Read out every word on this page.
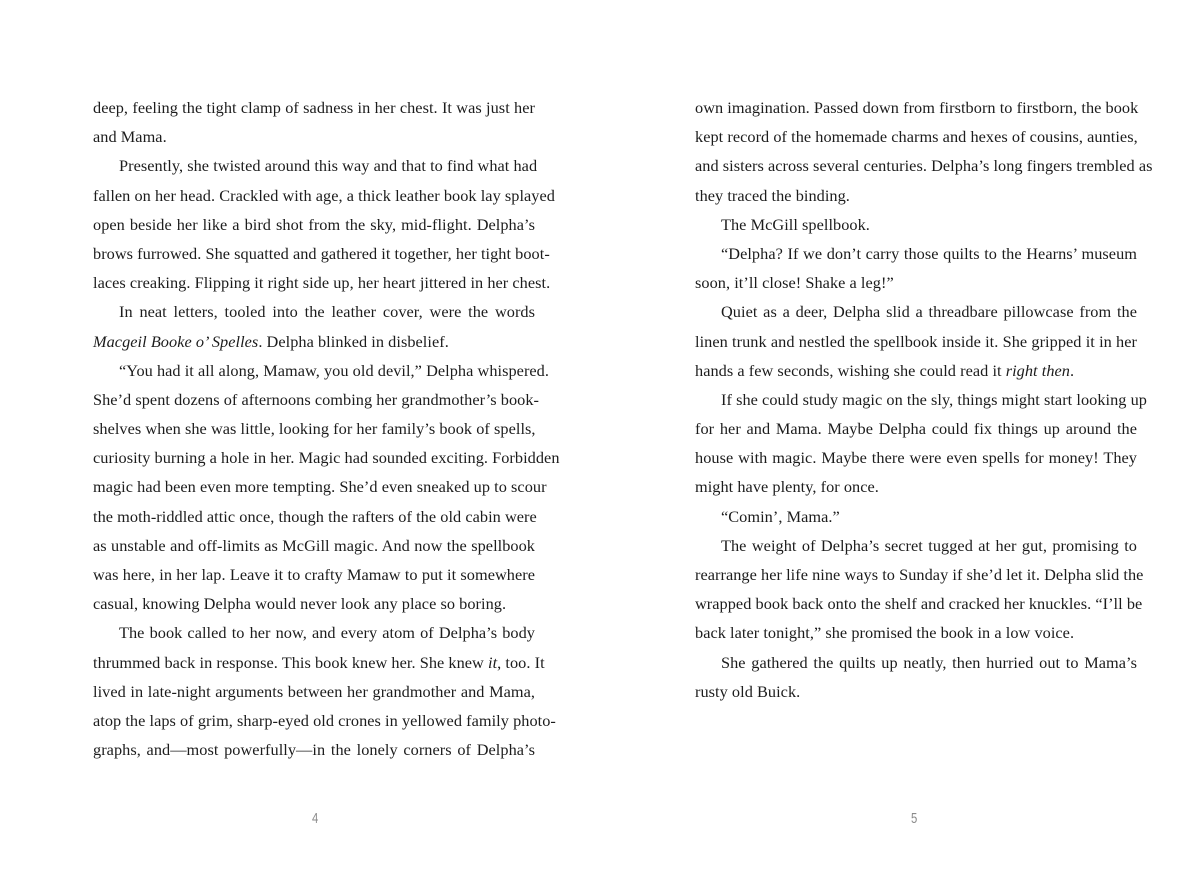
deep, feeling the tight clamp of sadness in her chest. It was just her
and Mama.
Presently, she twisted around this way and that to find what had
fallen on her head. Crackled with age, a thick leather book lay splayed
open beside her like a bird shot from the sky, mid-flight. Delpha’s
brows furrowed. She squatted and gathered it together, her tight boot-
laces creaking. Flipping it right side up, her heart jittered in her chest.
In neat letters, tooled into the leather cover, were the words
Macgeil Booke o’ Spelles. Delpha blinked in disbelief.
“You had it all along, Mamaw, you old devil,” Delpha whispered.
She’d spent dozens of afternoons combing her grandmother’s book-
shelves when she was little, looking for her family’s book of spells,
curiosity burning a hole in her. Magic had sounded exciting. Forbidden
magic had been even more tempting. She’d even sneaked up to scour
the moth-riddled attic once, though the rafters of the old cabin were
as unstable and off-limits as McGill magic. And now the spellbook
was here, in her lap. Leave it to crafty Mamaw to put it somewhere
casual, knowing Delpha would never look any place so boring.
The book called to her now, and every atom of Delpha’s body
thrummed back in response. This book knew her. She knew it, too. It
lived in late-night arguments between her grandmother and Mama,
atop the laps of grim, sharp-eyed old crones in yellowed family photo-
graphs, and—most powerfully—in the lonely corners of Delpha’s
own imagination. Passed down from firstborn to firstborn, the book
kept record of the homemade charms and hexes of cousins, aunties,
and sisters across several centuries. Delpha’s long fingers trembled as
they traced the binding.
The McGill spellbook.
“Delpha? If we don’t carry those quilts to the Hearns’ museum
soon, it’ll close! Shake a leg!”
Quiet as a deer, Delpha slid a threadbare pillowcase from the
linen trunk and nestled the spellbook inside it. She gripped it in her
hands a few seconds, wishing she could read it right then.
If she could study magic on the sly, things might start looking up
for her and Mama. Maybe Delpha could fix things up around the
house with magic. Maybe there were even spells for money! They
might have plenty, for once.
“Comin’, Mama.”
The weight of Delpha’s secret tugged at her gut, promising to
rearrange her life nine ways to Sunday if she’d let it. Delpha slid the
wrapped book back onto the shelf and cracked her knuckles. “I’ll be
back later tonight,” she promised the book in a low voice.
She gathered the quilts up neatly, then hurried out to Mama’s
rusty old Buick.
4	5
